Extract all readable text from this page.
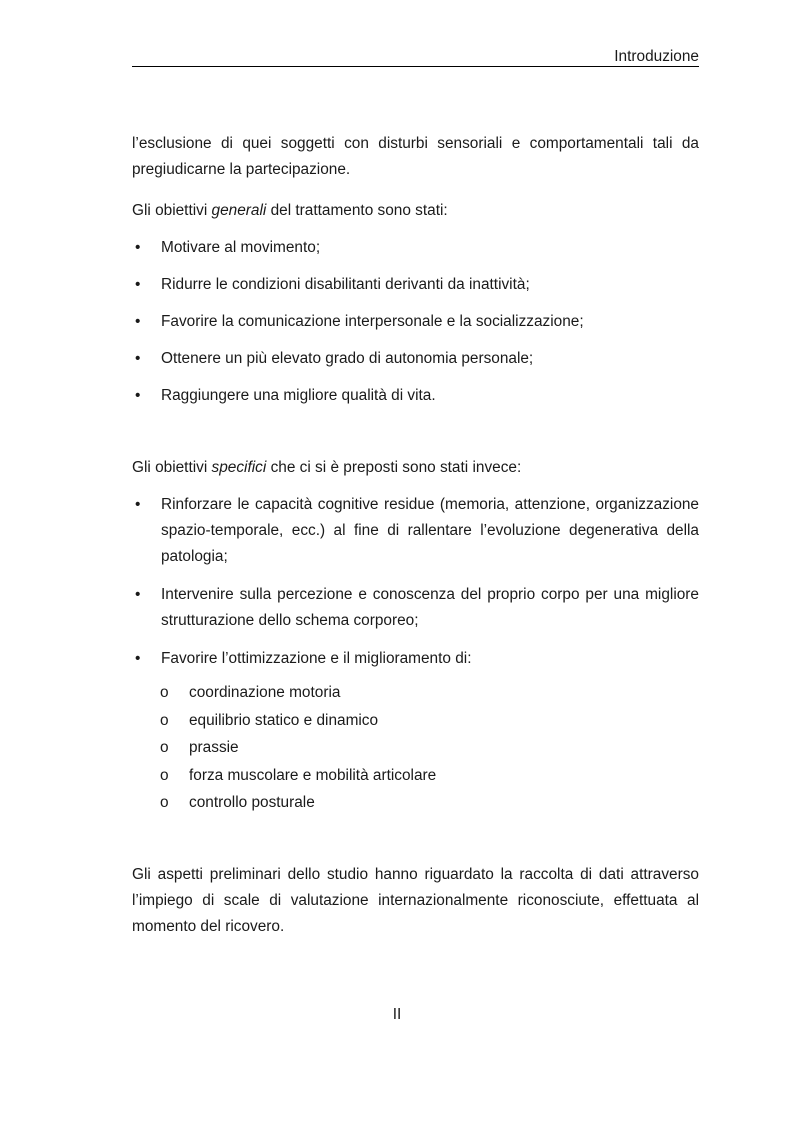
Introduzione

l’esclusione di quei soggetti con disturbi sensoriali e comportamentali tali da pregiudicarne la partecipazione.

Gli obiettivi generali del trattamento sono stati:

• Motivare al movimento;
• Ridurre le condizioni disabilitanti derivanti da inattività;
• Favorire la comunicazione interpersonale e la socializzazione;
• Ottenere un più elevato grado di autonomia personale;
• Raggiungere una migliore qualità di vita.

Gli obiettivi specifici che ci si è preposti sono stati invece:

• Rinforzare le capacità cognitive residue (memoria, attenzione, organizzazione spazio-temporale, ecc.) al fine di rallentare l’evoluzione degenerativa della patologia;
• Intervenire sulla percezione e conoscenza del proprio corpo per una migliore strutturazione dello schema corporeo;
• Favorire l’ottimizzazione e il miglioramento di:
o coordinazione motoria
o equilibrio statico e dinamico
o prassie
o forza muscolare e mobilità articolare
o controllo posturale

Gli aspetti preliminari dello studio hanno riguardato la raccolta di dati attraverso l’impiego di scale di valutazione internazionalmente riconosciute, effettuata al momento del ricovero.

II
